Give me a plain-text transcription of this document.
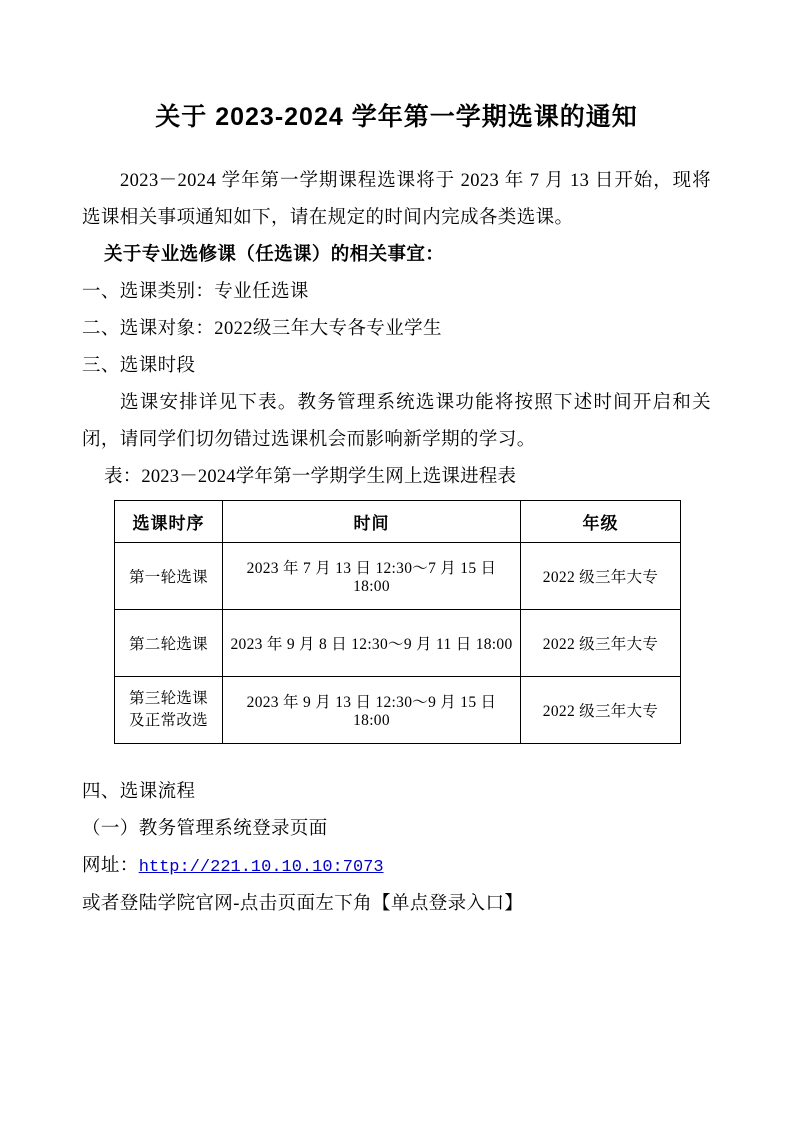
关于 2023-2024 学年第一学期选课的通知

2023－2024 学年第一学期课程选课将于 2023 年 7 月 13 日开始，现将选课相关事项通知如下，请在规定的时间内完成各类选课。

关于专业选修课（任选课）的相关事宜：

一、选课类别：专业任选课

二、选课对象：2022级三年大专各专业学生

三、选课时段

选课安排详见下表。教务管理系统选课功能将按照下述时间开启和关闭，请同学们切勿错过选课机会而影响新学期的学习。

表：2023－2024学年第一学期学生网上选课进程表

选课时序	时间	年级
第一轮选课	2023 年 7 月 13 日 12:30～7 月 15 日 18:00	2022 级三年大专
第二轮选课	2023 年 9 月 8 日 12:30～9 月 11 日 18:00	2022 级三年大专

第三轮选课
及正常改选	2023 年 9 月 13 日 12:30～9 月 15 日 18:00	2022 级三年大专

四、选课流程

（一）教务管理系统登录页面

网址：http://221.10.10.10:7073

或者登陆学院官网-点击页面左下角【单点登录入口】
